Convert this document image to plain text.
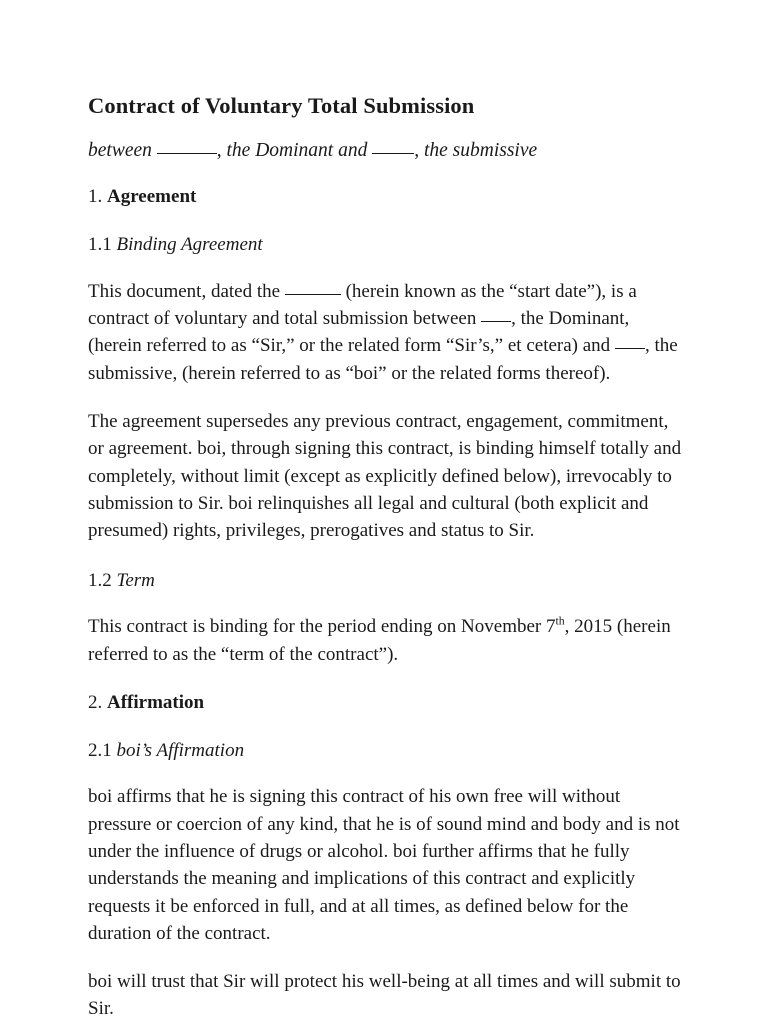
Contract of Voluntary Total Submission
between	, the Dominant and , the submissive
1. Agreement
1.1 Binding Agreement

This document, dated the	(herein known as the “start date”), is a contract of voluntary and total submission between , the Dominant, (herein referred to as “Sir,” or the related form “Sir’s,” et cetera) and , the submissive, (herein referred to as “boi” or the related forms thereof).

The agreement supersedes any previous contract, engagement, commitment, or agreement. boi, through signing this contract, is binding himself totally and completely, without limit (except as explicitly defined below), irrevocably to submission to Sir. boi relinquishes all legal and cultural (both explicit and presumed) rights, privileges, prerogatives and status to Sir.

1.2 Term

This contract is binding for the period ending on November 7th, 2015 (herein referred to as the “term of the contract”).

2. Affirmation
2.1 boi’s Affirmation

boi affirms that he is signing this contract of his own free will without pressure or coercion of any kind, that he is of sound mind and body and is not under the influence of drugs or alcohol. boi further affirms that he fully understands the meaning and implications of this contract and explicitly requests it be enforced in full, and at all times, as defined below for the duration of the contract.

boi will trust that Sir will protect his well-being at all times and will submit to Sir.
